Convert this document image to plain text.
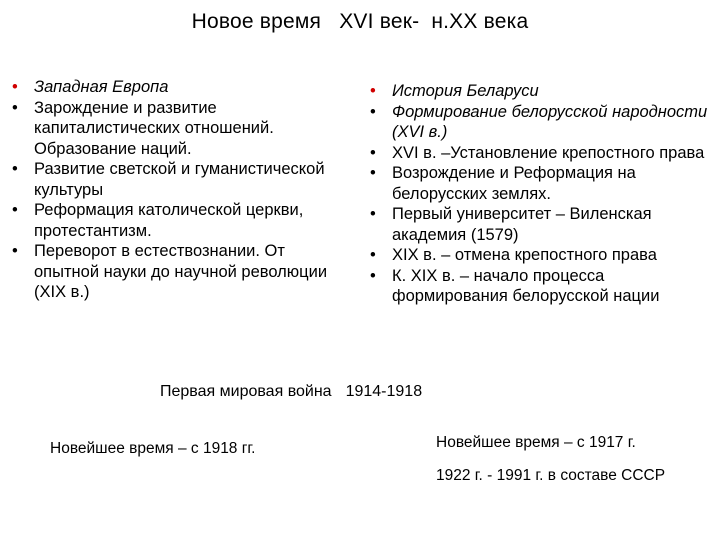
Новое время   XVI век-  н.XX века
• Западная Европа
• Зарождение и развитие капиталистических отношений. Образование наций.
• Развитие светской и гуманистической культуры
• Реформация католической церкви, протестантизм.
• Переворот в естествознании. От опытной науки до научной революции (XIX в.)
• История Беларуси
• Формирование белорусской народности (XVI в.)
• XVI в. –Установление крепостного права
• Возрождение и Реформация на белорусских землях.
• Первый университет – Виленская академия (1579)
• XIX в. – отмена крепостного права
• К. XIX в. – начало процесса формирования белорусской нации
Первая мировая война 1914-1918
Новейшее время – с 1918 гг.	Новейшее время – с 1917 г.
1922 г. - 1991 г. в составе СССР
